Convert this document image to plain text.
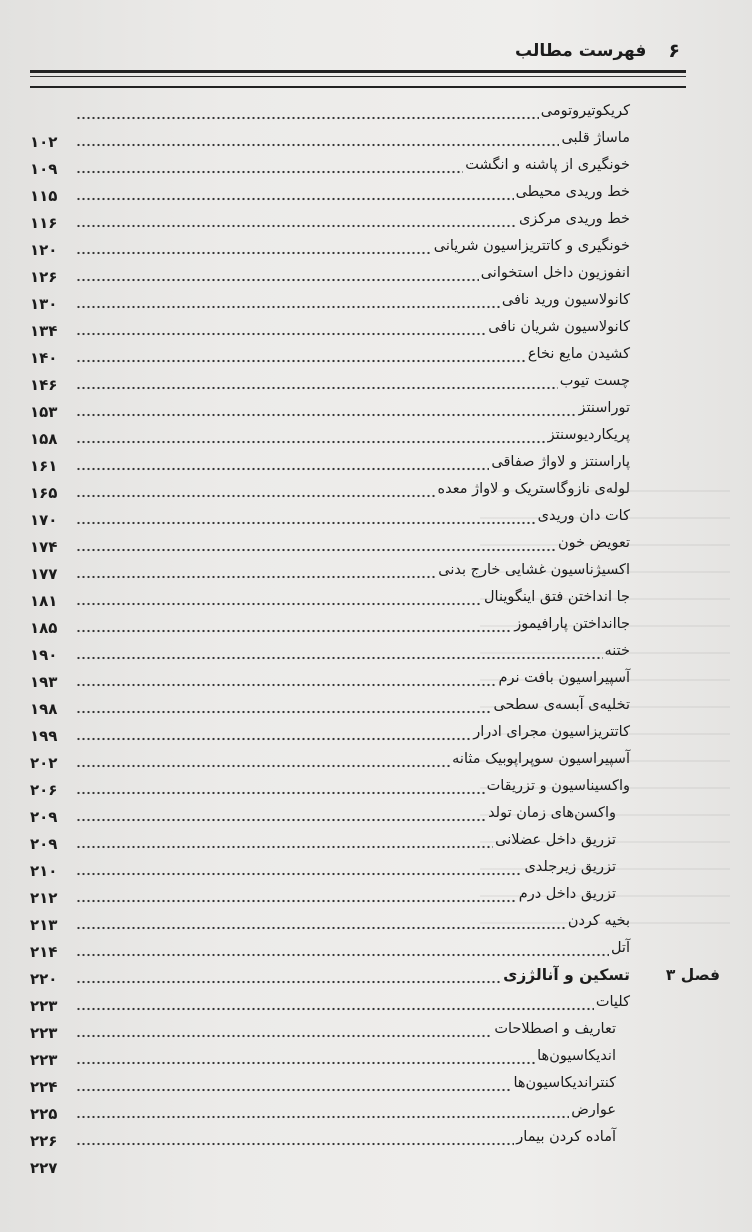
۶
فهرست مطالب
کریکوتیروتومی
ماساژ قلبی
۱۰۲
خونگیری از پاشنه و انگشت
۱۰۹
خط وریدی محیطی
۱۱۵
خط وریدی مرکزی
۱۱۶
خونگیری و کاتتریزاسیون شریانی
۱۲۰
انفوزیون داخل استخوانی
۱۲۶
کانولاسیون ورید نافی
۱۳۰
کانولاسیون شریان نافی
۱۳۴
کشیدن مایع نخاع
۱۴۰
چست تیوب
۱۴۶
توراسنتز
۱۵۳
پریکاردیوسنتز
۱۵۸
پاراسنتز و لاواژ صفاقی
۱۶۱
لوله‌ی نازوگاستریک و لاواژ معده
۱۶۵
کات دان وریدی
۱۷۰
تعویض خون
۱۷۴
اکسیژناسیون غشایی خارج بدنی
۱۷۷
جا انداختن فتق اینگوینال
۱۸۱
جاانداختن پارافیموز
۱۸۵
ختنه
۱۹۰
آسپیراسیون بافت نرم
۱۹۳
تخلیه‌ی آبسه‌ی سطحی
۱۹۸
کاتتریزاسیون مجرای ادرار
۱۹۹
آسپیراسیون سوپراپوبیک مثانه
۲۰۲
واکسیناسیون و تزریقات
۲۰۶
واکسن‌های زمان تولد
۲۰۹
تزریق داخل عضلانی
۲۰۹
تزریق زیرجلدی
۲۱۰
تزریق داخل درم
۲۱۲
بخیه کردن
۲۱۳
آتل
۲۱۴
فصل ۳
تسکین و آنالژزی
۲۲۰
کلیات
۲۲۳
تعاریف و اصطلاحات
۲۲۳
اندیکاسیون‌ها
۲۲۳
کنتراندیکاسیون‌ها
۲۲۴
عوارض
۲۲۵
آماده کردن بیمار
۲۲۶
۲۲۷
